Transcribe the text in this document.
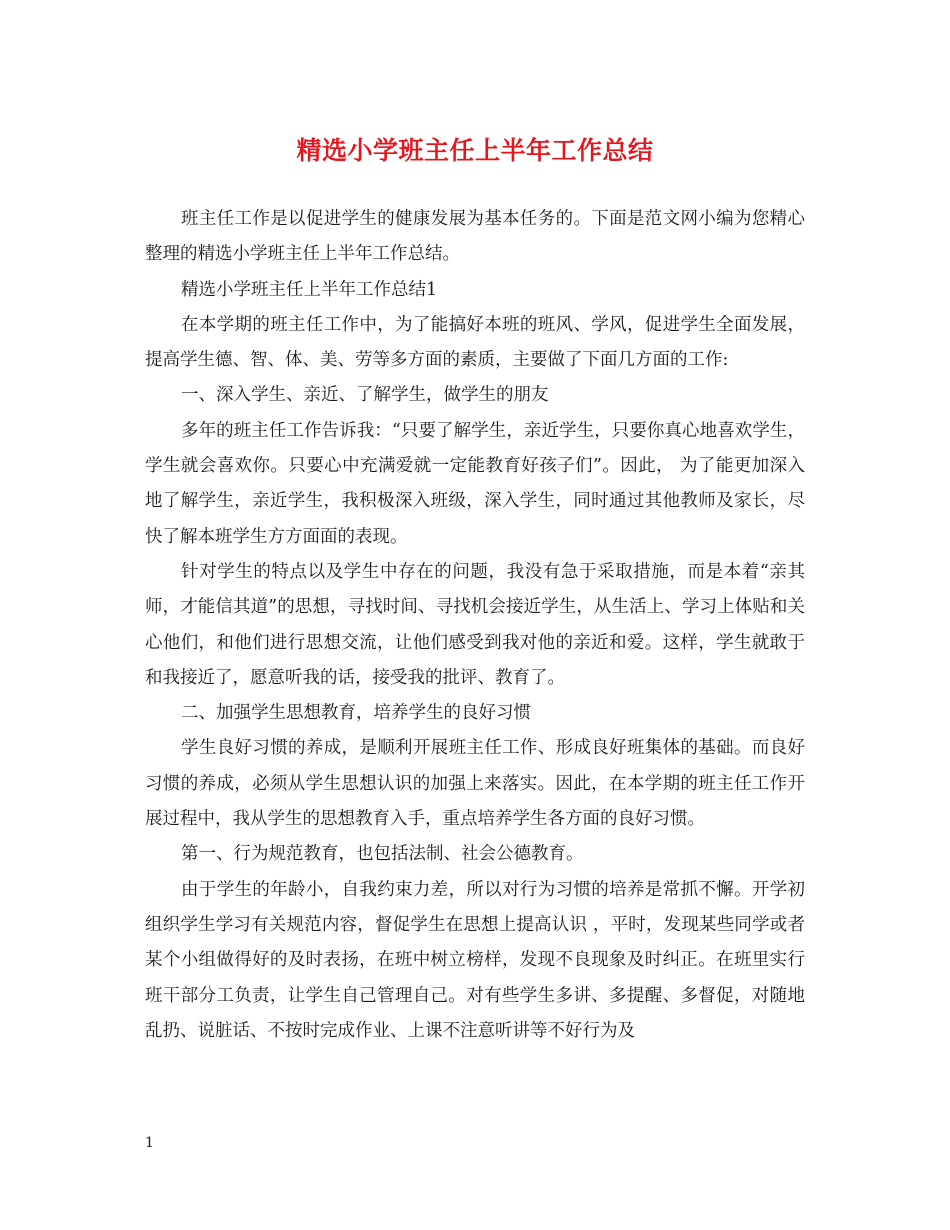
精选小学班主任上半年工作总结

班主任工作是以促进学生的健康发展为基本任务的。下面是范文网小编为您精心整理的精选小学班主任上半年工作总结。

精选小学班主任上半年工作总结1

在本学期的班主任工作中，为了能搞好本班的班风、学风，促进学生全面发展，提高学生德、智、体、美、劳等多方面的素质，主要做了下面几方面的工作:

一、深入学生、亲近、了解学生，做学生的朋友

多年的班主任工作告诉我：“只要了解学生，亲近学生，只要你真心地喜欢学生，学生就会喜欢你。只要心中充满爱就一定能教育好孩子们”。因此， 为了能更加深入地了解学生，亲近学生，我积极深入班级，深入学生，同时通过其他教师及家长，尽快了解本班学生方方面面的表现。

针对学生的特点以及学生中存在的问题，我没有急于采取措施，而是本着“亲其师，才能信其道”的思想，寻找时间、寻找机会接近学生，从生活上、学习上体贴和关心他们，和他们进行思想交流，让他们感受到我对他的亲近和爱。这样，学生就敢于和我接近了，愿意听我的话，接受我的批评、教育了。

二、加强学生思想教育，培养学生的良好习惯

学生良好习惯的养成，是顺利开展班主任工作、形成良好班集体的基础。而良好习惯的养成，必须从学生思想认识的加强上来落实。因此，在本学期的班主任工作开展过程中，我从学生的思想教育入手，重点培养学生各方面的良好习惯。

第一、行为规范教育，也包括法制、社会公德教育。

由于学生的年龄小，自我约束力差，所以对行为习惯的培养是常抓不懈。开学初组织学生学习有关规范内容，督促学生在思想上提高认识 ，平时，发现某些同学或者某个小组做得好的及时表扬，在班中树立榜样，发现不良现象及时纠正。在班里实行班干部分工负责，让学生自己管理自己。对有些学生多讲、多提醒、多督促，对随地乱扔、说脏话、不按时完成作业、上课不注意听讲等不好行为及

1
